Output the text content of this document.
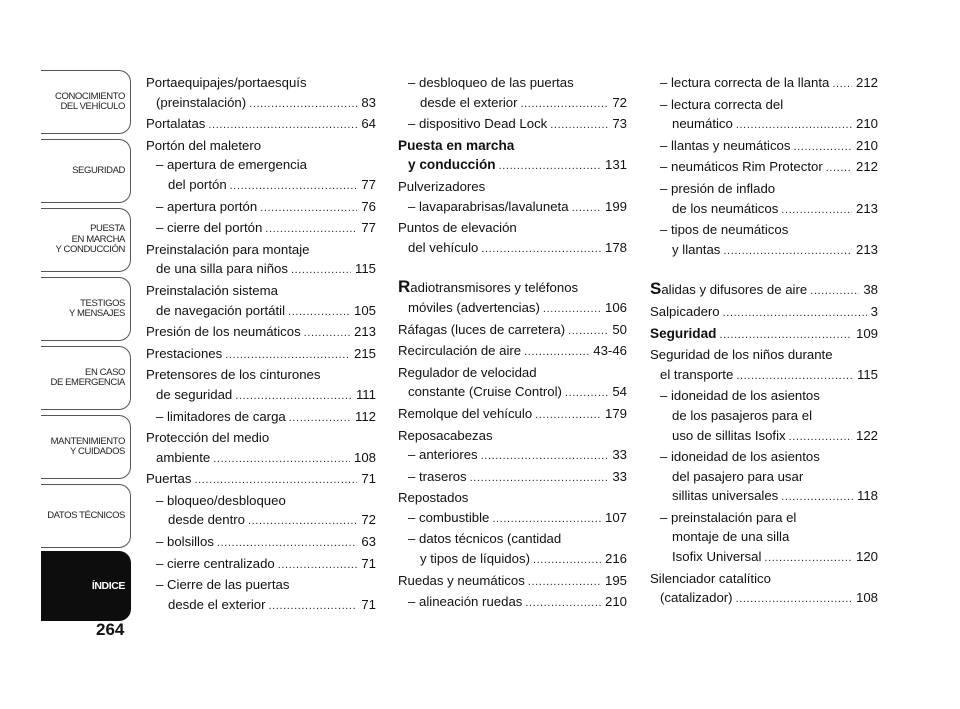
CONOCIMIENTO
DEL VEHÍCULO
SEGURIDAD
PUESTA
EN MARCHA
Y CONDUCCIÓN
TESTIGOS
Y MENSAJES
EN CASO
DE EMERGENCIA
MANTENIMIENTO
Y CUIDADOS
DATOS TÉCNICOS
ÍNDICE
264
Portaequipajes/portaesquís
(preinstalación) .....	83
Portalatas .....	64
Portón del maletero
– apertura de emergencia
del portón .....	77
– apertura portón .....	76
– cierre del portón .....	77
Preinstalación para montaje
de una silla para niños .....	115
Preinstalación sistema
de navegación portátil .....	105
Presión de los neumáticos .....	213
Prestaciones .....	215
Pretensores de los cinturones
de seguridad .....	111
– limitadores de carga .....	112
Protección del medio
ambiente .....	108
Puertas .....	71
– bloqueo/desbloqueo
desde dentro .....	72
– bolsillos .....	63
– cierre centralizado .....	71
– Cierre de las puertas
desde el exterior .....	71
– desbloqueo de las puertas
desde el exterior .....	72
– dispositivo Dead Lock .....	73
Puesta en marcha
y conducción .....	131
Pulverizadores
– lavaparabrisas/lavaluneta .....	199
Puntos de elevación
del vehículo .....	178
Radiotransmisores y teléfonos
móviles (advertencias) .....	106
Ráfagas (luces de carretera) .....	50
Recirculación de aire .....	43-46
Regulador de velocidad
constante (Cruise Control) .....	54
Remolque del vehículo .....	179
Reposacabezas
– anteriores .....	33
– traseros .....	33
Repostados
– combustible .....	107
– datos técnicos (cantidad
y tipos de líquidos) .....	216
Ruedas y neumáticos .....	195
– alineación ruedas .....	210
– lectura correcta de la llanta ..... 212
– lectura correcta del
neumático .....	210
– llantas y neumáticos .....	210
– neumáticos Rim Protector .....	212
– presión de inflado
de los neumáticos .....	213
– tipos de neumáticos
y llantas .....	213
Salidas y difusores de aire .....	38
Salpicadero .....	3
Seguridad .....	109
Seguridad de los niños durante
el transporte .....	115
– idoneidad de los asientos
de los pasajeros para el
uso de sillitas Isofix .....	122
– idoneidad de los asientos
del pasajero para usar
sillitas universales .....	118
– preinstalación para el
montaje de una silla
Isofix Universal .....	120
Silenciador catalítico
(catalizador) .....	108
